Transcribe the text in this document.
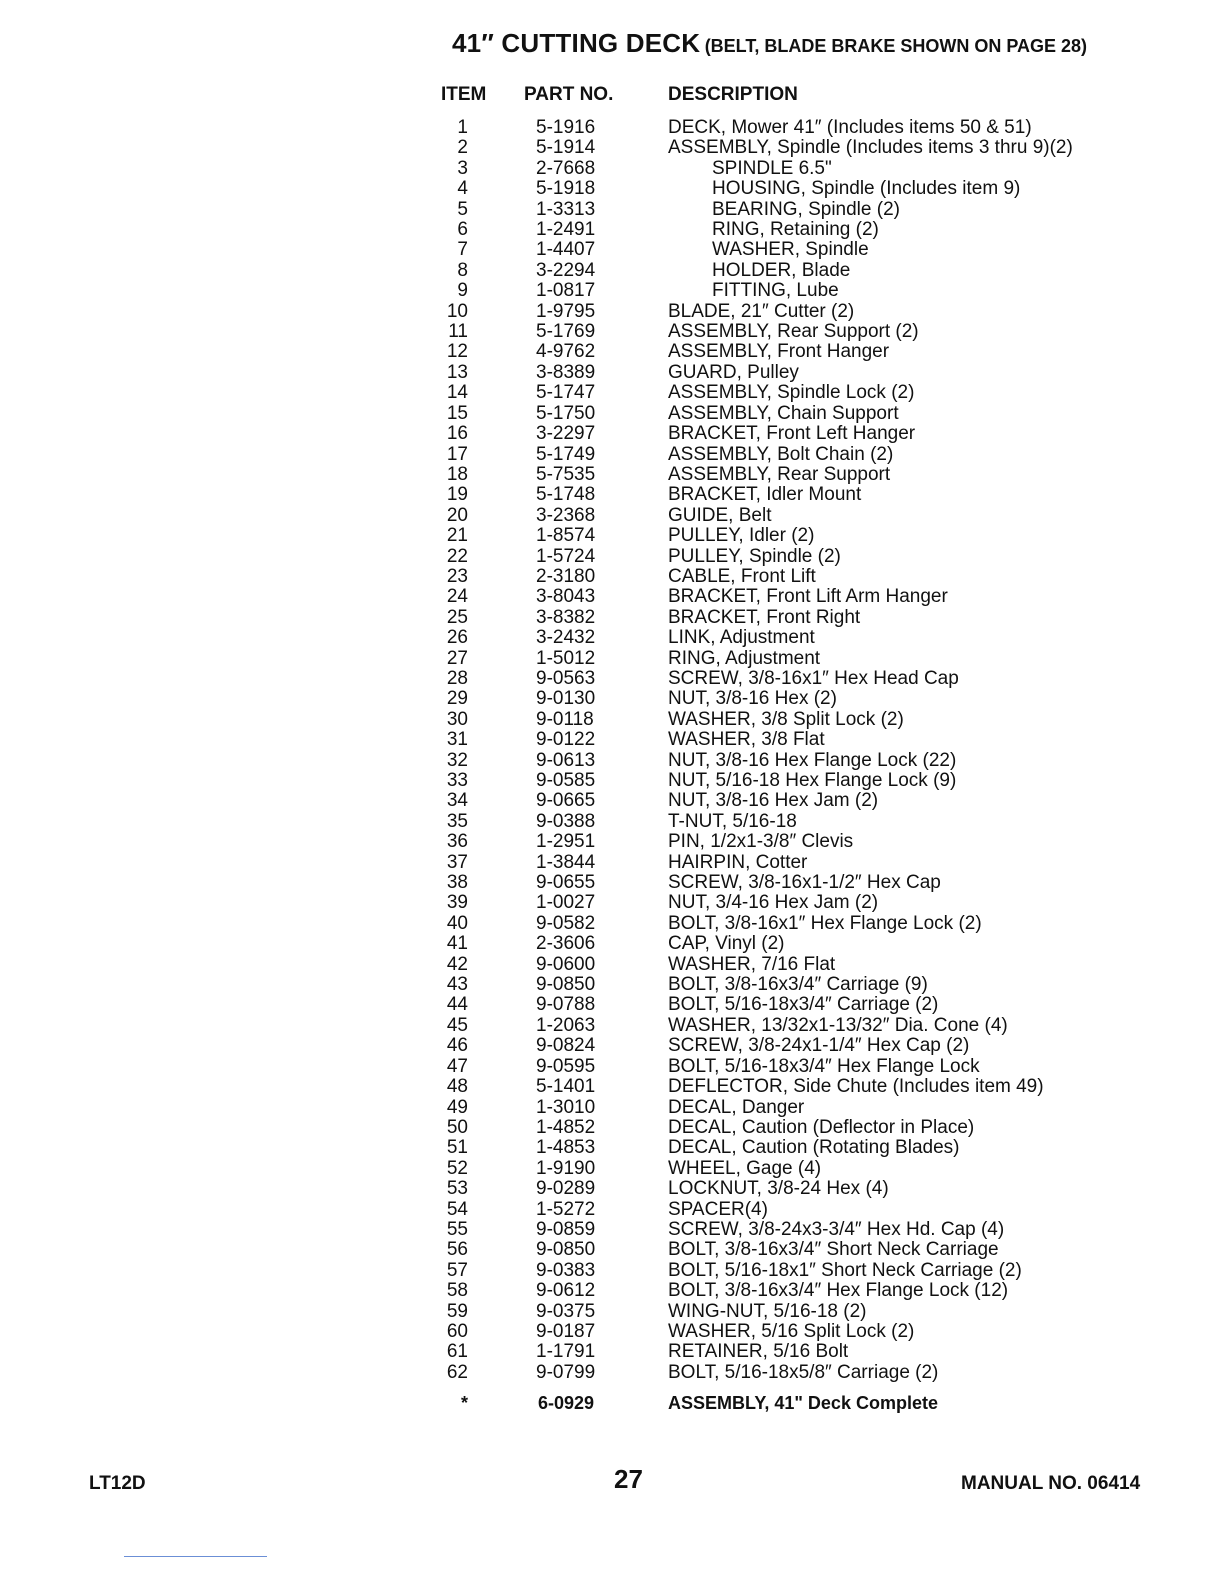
41″ CUTTING DECK (BELT, BLADE BRAKE SHOWN ON PAGE 28)
ITEM PART NO.	DESCRIPTION
1	5-1916	DECK, Mower 41″ (Includes items 50 & 51)
2	5-1914	ASSEMBLY, Spindle (Includes items 3 thru 9)(2)
3	2-7668	SPINDLE 6.5"
4	5-1918	HOUSING, Spindle (Includes item 9)
5	1-3313	BEARING, Spindle (2)
6	1-2491	RING, Retaining (2)
7	1-4407	WASHER, Spindle
8	3-2294	HOLDER, Blade
9	1-0817	FITTING, Lube
10	1-9795	BLADE, 21″ Cutter (2)
11	5-1769	ASSEMBLY, Rear Support (2)
12	4-9762	ASSEMBLY, Front Hanger
13	3-8389	GUARD, Pulley
14	5-1747	ASSEMBLY, Spindle Lock (2)
15	5-1750	ASSEMBLY, Chain Support
16	3-2297	BRACKET, Front Left Hanger
17	5-1749	ASSEMBLY, Bolt Chain (2)
18	5-7535	ASSEMBLY, Rear Support
19	5-1748	BRACKET, Idler Mount
20	3-2368	GUIDE, Belt
21	1-8574	PULLEY, Idler (2)
22	1-5724	PULLEY, Spindle (2)
23	2-3180	CABLE, Front Lift
24	3-8043	BRACKET, Front Lift Arm Hanger
25	3-8382	BRACKET, Front Right
26	3-2432	LINK, Adjustment
27	1-5012	RING, Adjustment
28	9-0563	SCREW, 3/8-16x1″ Hex Head Cap
29	9-0130	NUT, 3/8-16 Hex (2)
30	9-0118	WASHER, 3/8 Split Lock (2)
31	9-0122	WASHER, 3/8 Flat
32	9-0613	NUT, 3/8-16 Hex Flange Lock (22)
33	9-0585	NUT, 5/16-18 Hex Flange Lock (9)
34	9-0665	NUT, 3/8-16 Hex Jam (2)
35	9-0388	T-NUT, 5/16-18
36	1-2951	PIN, 1/2x1-3/8″ Clevis
37	1-3844	HAIRPIN, Cotter
38	9-0655	SCREW, 3/8-16x1-1/2″ Hex Cap
39	1-0027	NUT, 3/4-16 Hex Jam (2)
40	9-0582	BOLT, 3/8-16x1″ Hex Flange Lock (2)
41	2-3606	CAP, Vinyl (2)
42	9-0600	WASHER, 7/16 Flat
43	9-0850	BOLT, 3/8-16x3/4″ Carriage (9)
44	9-0788	BOLT, 5/16-18x3/4″ Carriage (2)
45	1-2063	WASHER, 13/32x1-13/32″ Dia. Cone (4)
46	9-0824	SCREW, 3/8-24x1-1/4″ Hex Cap (2)
47	9-0595	BOLT, 5/16-18x3/4″ Hex Flange Lock
48	5-1401	DEFLECTOR, Side Chute (Includes item 49)
49	1-3010	DECAL, Danger
50	1-4852	DECAL, Caution (Deflector in Place)
51	1-4853	DECAL, Caution (Rotating Blades)
52	1-9190	WHEEL, Gage (4)
53	9-0289	LOCKNUT, 3/8-24 Hex (4)
54	1-5272	SPACER(4)
55	9-0859	SCREW, 3/8-24x3-3/4″ Hex Hd. Cap (4)
56	9-0850	BOLT, 3/8-16x3/4″ Short Neck Carriage
57	9-0383	BOLT, 5/16-18x1″ Short Neck Carriage (2)
58	9-0612	BOLT, 3/8-16x3/4″ Hex Flange Lock (12)
59	9-0375	WING-NUT, 5/16-18 (2)
60	9-0187	WASHER, 5/16 Split Lock (2)
61	1-1791	RETAINER, 5/16 Bolt
62	9-0799	BOLT, 5/16-18x5/8″ Carriage (2)
*	6-0929	ASSEMBLY, 41" Deck Complete
LT12D	27	MANUAL NO. 06414
